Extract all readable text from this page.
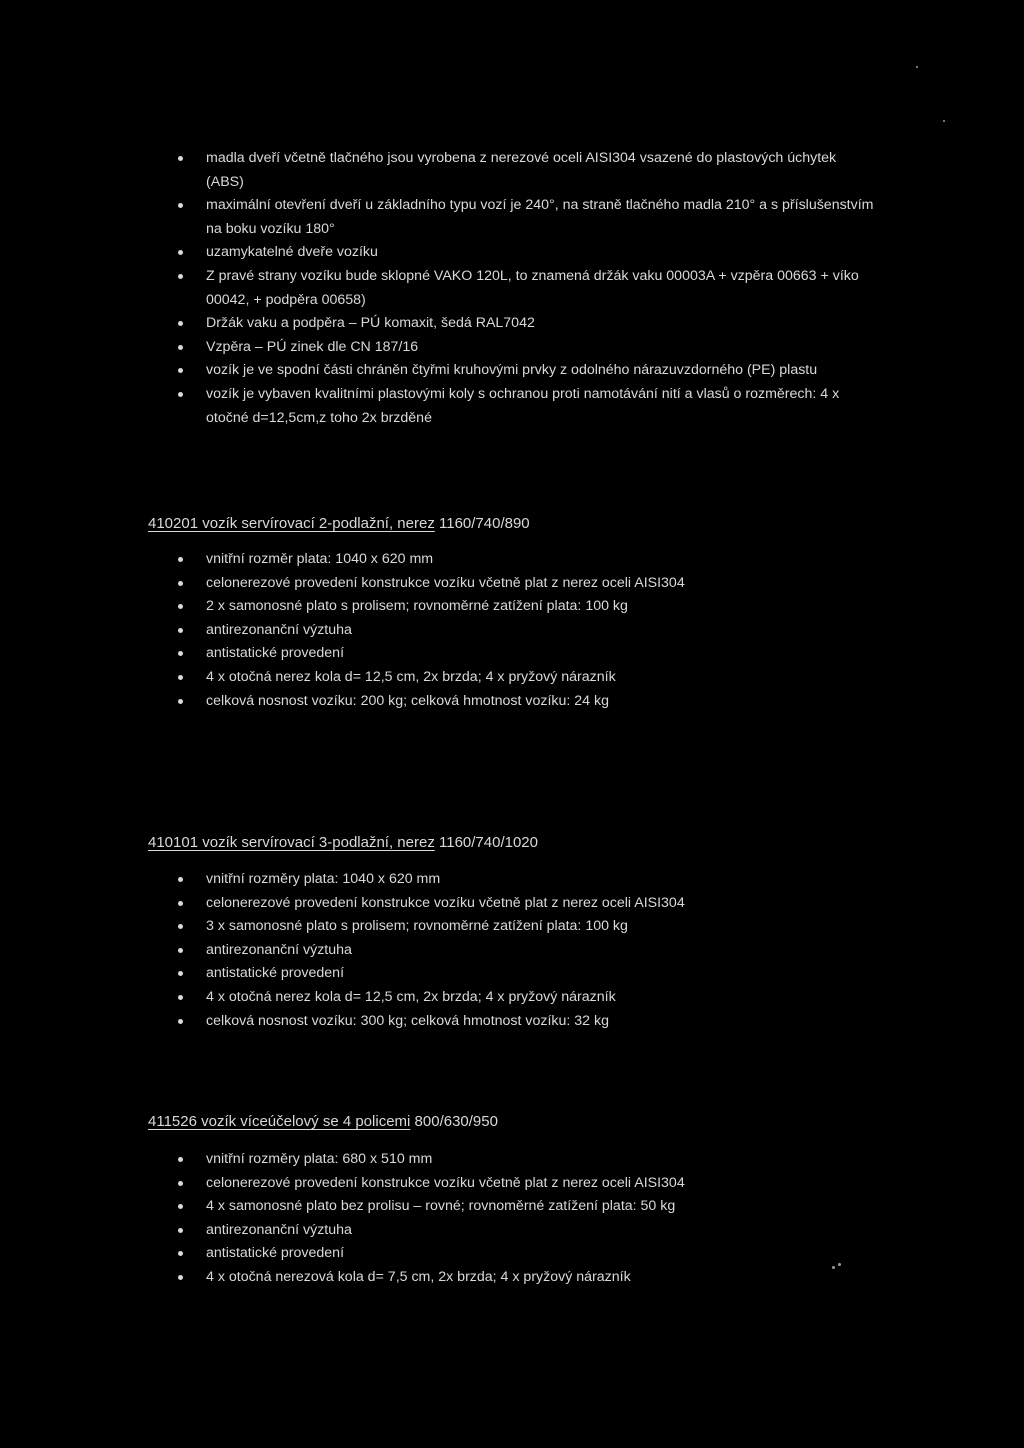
madla dveří včetně tlačného jsou vyrobena z nerezové oceli AISI304 vsazené do plastových úchytek (ABS)
maximální otevření dveří u základního typu vozí je 240°, na straně tlačného madla 210° a s příslušenstvím na boku vozíku 180°
uzamykatelné dveře vozíku
Z pravé strany vozíku bude sklopné VAKO 120L, to znamená držák vaku 00003A + vzpěra 00663 + víko 00042, + podpěra 00658)
Držák vaku a podpěra – PÚ komaxit, šedá RAL7042
Vzpěra – PÚ zinek dle CN 187/16
vozík je ve spodní části chráněn čtyřmi kruhovými prvky z odolného nárazuvzdorného (PE) plastu
vozík je vybaven kvalitními plastovými koly s ochranou proti namotávání nití a vlasů o rozměrech: 4 x otočné d=12,5cm,z toho 2x brzděné
410201 vozík servírovací 2-podlažní, nerez 1160/740/890
vnitřní rozměr plata: 1040 x 620 mm
celonerezové provedení konstrukce vozíku včetně plat z nerez oceli AISI304
2 x samonosné plato s prolisem; rovnoměrné zatížení plata: 100 kg
antirezonanční výztuha
antistatické provedení
4 x otočná nerez kola d= 12,5 cm, 2x brzda; 4 x pryžový nárazník
celková nosnost vozíku: 200 kg; celková hmotnost vozíku: 24 kg
410101 vozík servírovací 3-podlažní, nerez 1160/740/1020
vnitřní rozměry plata: 1040 x 620 mm
celonerezové provedení konstrukce vozíku včetně plat z nerez oceli AISI304
3 x samonosné plato s prolisem; rovnoměrné zatížení plata: 100 kg
antirezonanční výztuha
antistatické provedení
4 x otočná nerez kola d= 12,5 cm, 2x brzda; 4 x pryžový nárazník
celková nosnost vozíku: 300 kg; celková hmotnost vozíku: 32 kg
411526 vozík víceúčelový se 4 policemi 800/630/950
vnitřní rozměry plata: 680 x 510 mm
celonerezové provedení konstrukce vozíku včetně plat z nerez oceli AISI304
4 x samonosné plato bez prolisu – rovné; rovnoměrné zatížení plata: 50 kg
antirezonanční výztuha
antistatické provedení
4 x otočná nerezová kola d= 7,5 cm, 2x brzda; 4 x pryžový nárazník
